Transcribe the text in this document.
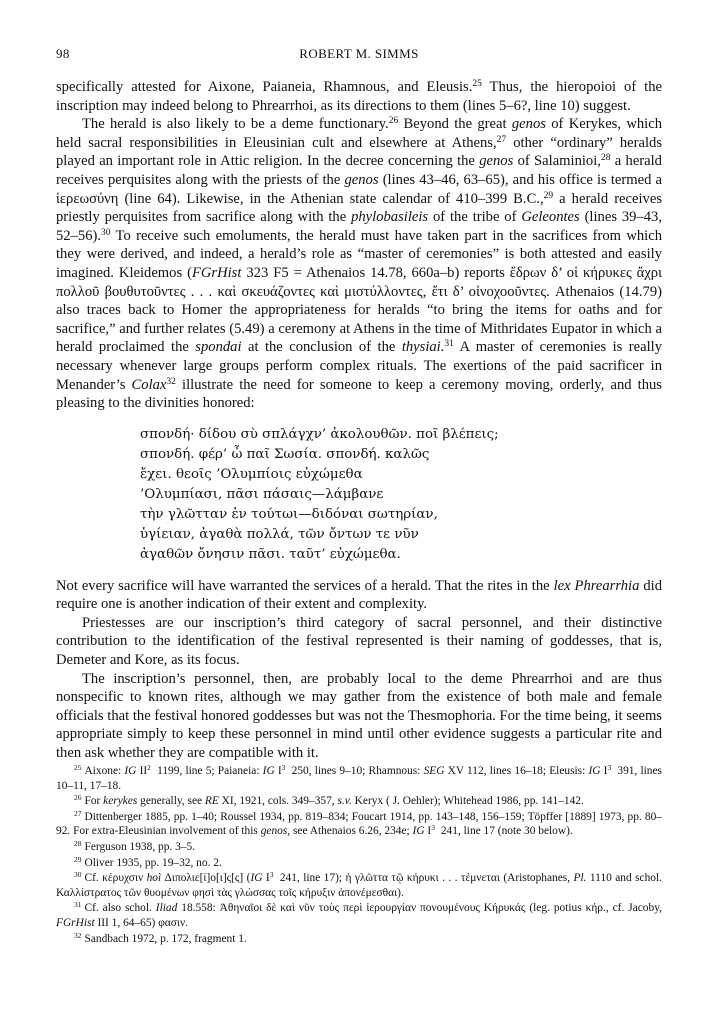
98	ROBERT M. SIMMS

specifically attested for Aixone, Paianeia, Rhamnous, and Eleusis.$^{25}$ Thus, the hieropoioi of the inscription may indeed belong to Phrearrhoi, as its directions to them (lines 5–6?, line 10) suggest.

The herald is also likely to be a deme functionary.$^{26}$ Beyond the great genos of Kerykes, which held sacral responsibilities in Eleusinian cult and elsewhere at Athens,$^{27}$ other “ordinary” heralds played an important role in Attic religion. In the decree concerning the genos of Salaminioi,$^{28}$ a herald receives perquisites along with the priests of the genos (lines 43–46, 63–65), and his office is termed a ἱερεωσύνη (line 64). Likewise, in the Athenian state calendar of 410–399 B.C.,$^{29}$ a herald receives priestly perquisites from sacrifice along with the phylobasileis of the tribe of Geleontes (lines 39–43, 52–56).$^{30}$ To receive such emoluments, the herald must have taken part in the sacrifices from which they were derived, and indeed, a herald’s role as “master of ceremonies” is both attested and easily imagined. Kleidemos (FGrHist 323 F5 = Athenaios 14.78, 660a–b) reports ἔδρων δ’ οἱ κήρυκες ἄχρι πολλοῦ βουθυτοῦντες . . . καὶ σκευάζοντες καὶ μιστύλλοντες, ἔτι δ’ οἰνοχοοῦντες. Athenaios (14.79) also traces back to Homer the appropriateness for heralds “to bring the items for oaths and for sacrifice,” and further relates (5.49) a ceremony at Athens in the time of Mithridates Eupator in which a herald proclaimed the spondai at the conclusion of the thysiai.$^{31}$ A master of ceremonies is really necessary whenever large groups perform complex rituals. The exertions of the paid sacrificer in Menander’s Colax$^{32}$ illustrate the need for someone to keep a ceremony moving, orderly, and thus pleasing to the divinities honored:

σπονδή· δίδου σὺ σπλάγχν’ ἀκολουθῶν. ποῖ βλέπεις;
σπονδή. φέρ’ ὦ παῖ Σωσία. σπονδή. καλῶς
ἔχει. θεοῖς ’Ολυμπίοις εὐχώμεθα
’Ολυμπίασι, πᾶσι πάσαις—λάμβανε
τὴν γλῶτταν ἐν τούτωι—διδόναι σωτηρίαν,
ὑγίειαν, ἀγαθὰ πολλά, τῶν ὄντων τε νῦν
ἀγαθῶν ὄνησιν πᾶσι. ταῦτ’ εὐχώμεθα.

Not every sacrifice will have warranted the services of a herald. That the rites in the lex Phrearrhia did require one is another indication of their extent and complexity.

Priestesses are our inscription’s third category of sacral personnel, and their distinctive contribution to the identification of the festival represented is their naming of goddesses, that is, Demeter and Kore, as its focus.

The inscription’s personnel, then, are probably local to the deme Phrearrhoi and are thus nonspecific to known rites, although we may gather from the existence of both male and female officials that the festival honored goddesses but was not the Thesmophoria. For the time being, it seems appropriate simply to keep these personnel in mind until other evidence suggests a particular rite and then ask whether they are compatible with it.

$^{25}$ Aixone: IG $II^2$ 1199, line 5; Paianeia: IG $I^3$ 250, lines 9–10; Rhamnous: SEG XV 112, lines 16–18; Eleusis: IG $I^3$ 391, lines 10–11, 17–18.
$^{26}$ For kerykes generally, see RE XI, 1921, cols. 349–357, s.v. Keryx ( J. Oehler); Whitehead 1986, pp. 141–142.
$^{27}$ Dittenberger 1885, pp. 1–40; Roussel 1934, pp. 819–834; Foucart 1914, pp. 143–148, 156–159; Töpffer [1889] 1973, pp. 80–92. For extra-Eleusinian involvement of this genos, see Athenaios 6.26, 234e; IG $I^3$ 241, line 17 (note 30 below).
$^{28}$ Ferguson 1938, pp. 3–5.
$^{29}$ Oliver 1935, pp. 19–32, no. 2.
$^{30}$ Cf. κέρυχσιν hoì Διπολιε[ί]ο[ι]ς[ς] (IG $I^3$ 241, line 17); ἡ γλῶττα τῷ κήρυκι . . . τέμνεται (Aristophanes, Pl. 1110 and schol. Καλλίστρατος τῶν θυομένων φησὶ τὰς γλώσσας τοῖς κήρυξιν ἀπονέμεσθαι).
$^{31}$ Cf. also schol. Iliad 18.558: Ἀθηναῖοι δὲ καὶ νῦν τοὺς περὶ ἱερουργίαν πονουμένους Κήρυκάς (leg. potius κήρ., cf. Jacoby, FGrHist III 1, 64–65) φασιν.
$^{32}$ Sandbach 1972, p. 172, fragment 1.
